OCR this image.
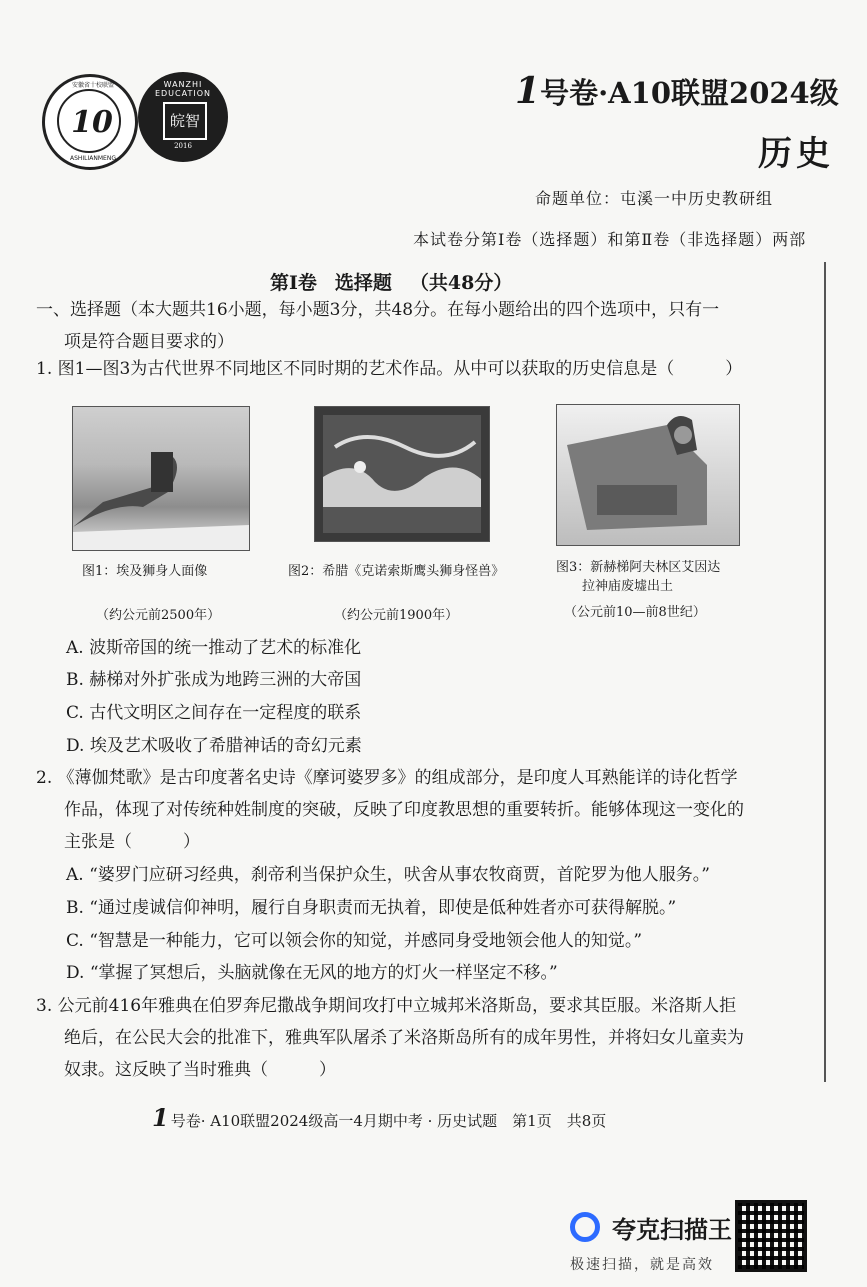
10
安徽省十校联盟
ASHILIANMENG
WANZHI EDUCATION
皖智
2016
1号卷·A10联盟2024级
历史
命题单位：屯溪一中历史教研组
本试卷分第Ⅰ卷（选择题）和第Ⅱ卷（非选择题）两部
第Ⅰ卷 选择题 （共48分）
一、选择题（本大题共16小题，每小题3分，共48分。在每小题给出的四个选项中，只有一
项是符合题目要求的）
1. 图1—图3为古代世界不同地区不同时期的艺术作品。从中可以获取的历史信息是（　　　）
图1：埃及狮身人面像	图2：希腊《克诺索斯鹰头狮身怪兽》	图3：新赫梯阿夫林区艾因达
拉神庙废墟出土
（约公元前2500年）	（约公元前1900年）	（公元前10—前8世纪）
A. 波斯帝国的统一推动了艺术的标准化
B. 赫梯对外扩张成为地跨三洲的大帝国
C. 古代文明区之间存在一定程度的联系
D. 埃及艺术吸收了希腊神话的奇幻元素
2. 《薄伽梵歌》是古印度著名史诗《摩诃婆罗多》的组成部分，是印度人耳熟能详的诗化哲学
作品，体现了对传统种姓制度的突破，反映了印度教思想的重要转折。能够体现这一变化的
主张是（　　　）
A. “婆罗门应研习经典，刹帝利当保护众生，吠舍从事农牧商贾，首陀罗为他人服务。”
B. “通过虔诚信仰神明，履行自身职责而无执着，即使是低种姓者亦可获得解脱。”
C. “智慧是一种能力，它可以领会你的知觉，并感同身受地领会他人的知觉。”
D. “掌握了冥想后，头脑就像在无风的地方的灯火一样坚定不移。”
3. 公元前416年雅典在伯罗奔尼撒战争期间攻打中立城邦米洛斯岛，要求其臣服。米洛斯人拒
绝后，在公民大会的批准下，雅典军队屠杀了米洛斯岛所有的成年男性，并将妇女儿童卖为
奴隶。这反映了当时雅典（　　　）
1 号卷· A10联盟2024级高一4月期中考 · 历史试题　第1页　共8页
夸克扫描王
极速扫描，就是高效
